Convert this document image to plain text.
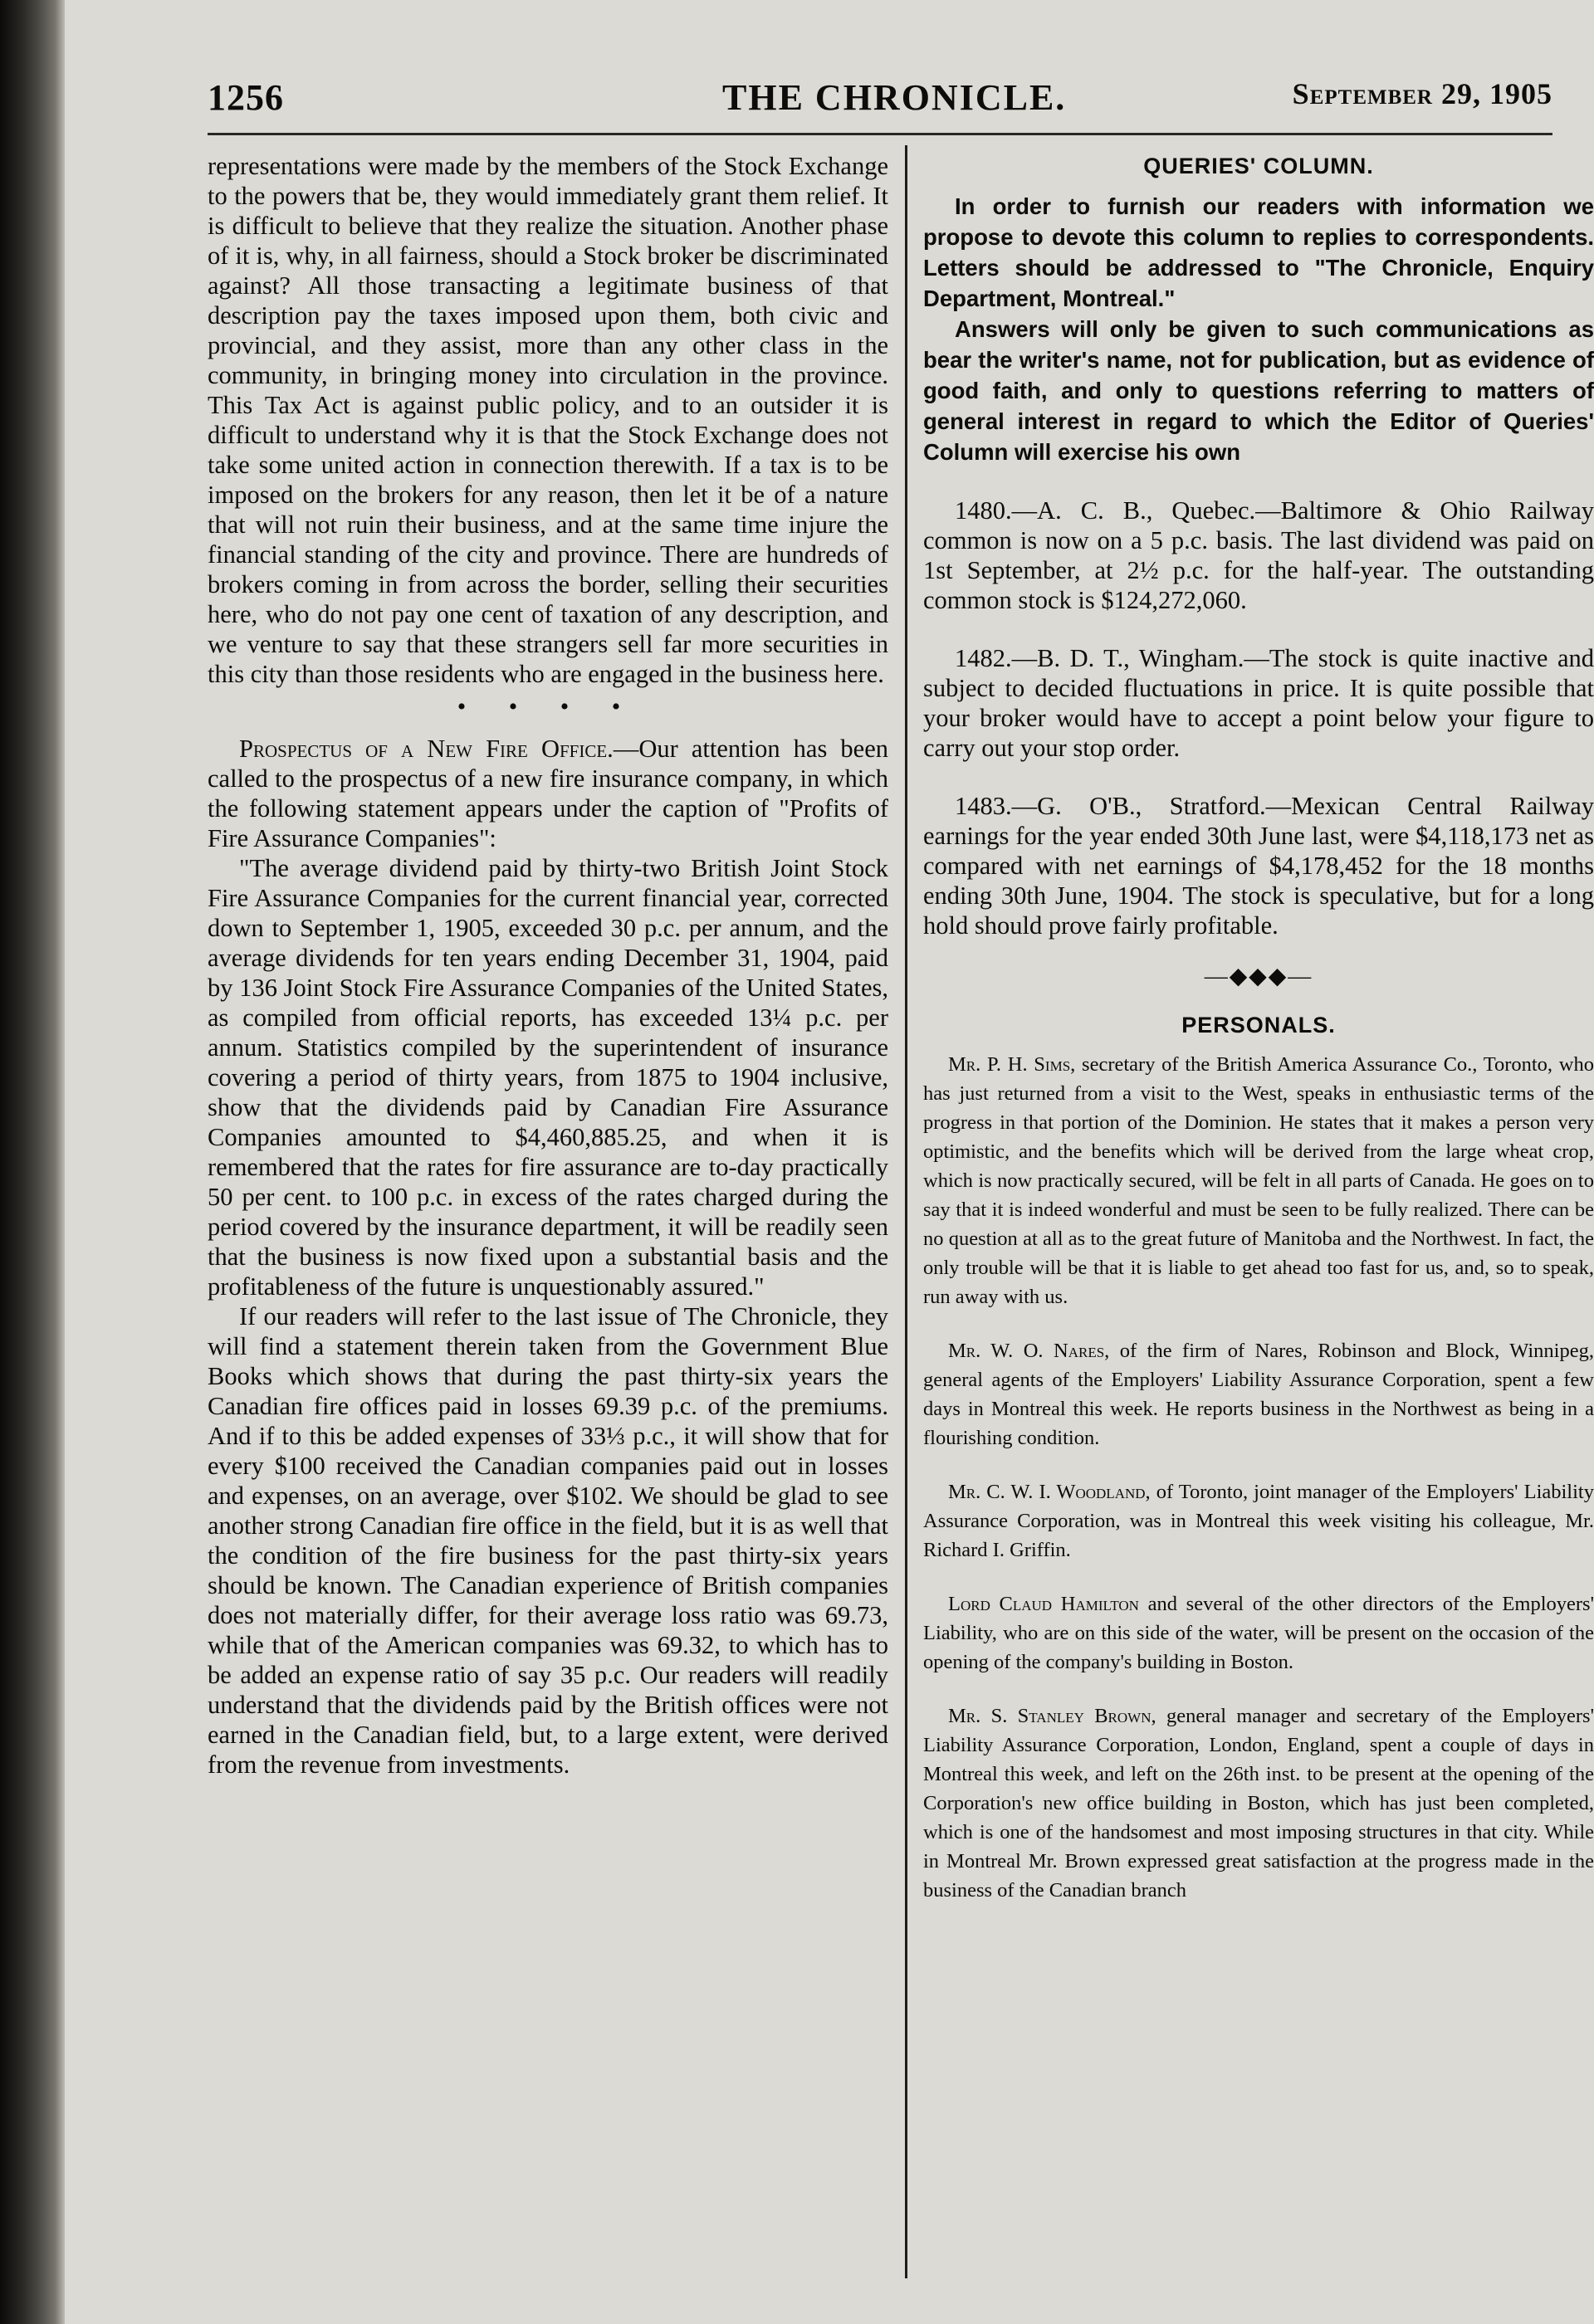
1256	THE CHRONICLE.	September 29, 1905

representations were made by the members of the Stock Exchange to the powers that be, they would immediately grant them relief. It is difficult to believe that they realize the situation. Another phase of it is, why, in all fairness, should a Stock broker be discriminated against? All those transacting a legitimate business of that description pay the taxes imposed upon them, both civic and provincial, and they assist, more than any other class in the community, in bringing money into circulation in the province. This Tax Act is against public policy, and to an outsider it is difficult to understand why it is that the Stock Exchange does not take some united action in connection therewith. If a tax is to be imposed on the brokers for any reason, then let it be of a nature that will not ruin their business, and at the same time injure the financial standing of the city and province. There are hundreds of brokers coming in from across the border, selling their securities here, who do not pay one cent of taxation of any description, and we venture to say that these strangers sell far more securities in this city than those residents who are engaged in the business here.

• • • •

Prospectus of a New Fire Office.—Our attention has been called to the prospectus of a new fire insurance company, in which the following statement appears under the caption of "Profits of Fire Assurance Companies":

"The average dividend paid by thirty-two British Joint Stock Fire Assurance Companies for the current financial year, corrected down to September 1, 1905, exceeded 30 p.c. per annum, and the average dividends for ten years ending December 31, 1904, paid by 136 Joint Stock Fire Assurance Companies of the United States, as compiled from official reports, has exceeded 13¼ p.c. per annum. Statistics compiled by the superintendent of insurance covering a period of thirty years, from 1875 to 1904 inclusive, show that the dividends paid by Canadian Fire Assurance Companies amounted to $4,460,885.25, and when it is remembered that the rates for fire assurance are to-day practically 50 per cent. to 100 p.c. in excess of the rates charged during the period covered by the insurance department, it will be readily seen that the business is now fixed upon a substantial basis and the profitableness of the future is unquestionably assured."

If our readers will refer to the last issue of The Chronicle, they will find a statement therein taken from the Government Blue Books which shows that during the past thirty-six years the Canadian fire offices paid in losses 69.39 p.c. of the premiums. And if to this be added expenses of 33⅓ p.c., it will show that for every $100 received the Canadian companies paid out in losses and expenses, on an average, over $102. We should be glad to see another strong Canadian fire office in the field, but it is as well that the condition of the fire business for the past thirty-six years should be known. The Canadian experience of British companies does not materially differ, for their average loss ratio was 69.73, while that of the American companies was 69.32, to which has to be added an expense ratio of say 35 p.c. Our readers will readily understand that the dividends paid by the British offices were not earned in the Canadian field, but, to a large extent, were derived from the revenue from investments.

QUERIES' COLUMN.

In order to furnish our readers with information we propose to devote this column to replies to correspondents. Letters should be addressed to "The Chronicle, Enquiry Department, Montreal."

Answers will only be given to such communications as bear the writer's name, not for publication, but as evidence of good faith, and only to questions referring to matters of general interest in regard to which the Editor of Queries' Column will exercise his own

1480.—A. C. B., Quebec.—Baltimore & Ohio Railway common is now on a 5 p.c. basis. The last dividend was paid on 1st September, at 2½ p.c. for the half-year. The outstanding common stock is $124,272,060.

1482.—B. D. T., Wingham.—The stock is quite inactive and subject to decided fluctuations in price. It is quite possible that your broker would have to accept a point below your figure to carry out your stop order.

1483.—G. O'B., Stratford.—Mexican Central Railway earnings for the year ended 30th June last, were $4,118,173 net as compared with net earnings of $4,178,452 for the 18 months ending 30th June, 1904. The stock is speculative, but for a long hold should prove fairly profitable.

—◆◆◆—

PERSONALS.

Mr. P. H. Sims, secretary of the British America Assurance Co., Toronto, who has just returned from a visit to the West, speaks in enthusiastic terms of the progress in that portion of the Dominion. He states that it makes a person very optimistic, and the benefits which will be derived from the large wheat crop, which is now practically secured, will be felt in all parts of Canada. He goes on to say that it is indeed wonderful and must be seen to be fully realized. There can be no question at all as to the great future of Manitoba and the Northwest. In fact, the only trouble will be that it is liable to get ahead too fast for us, and, so to speak, run away with us.

Mr. W. O. Nares, of the firm of Nares, Robinson and Block, Winnipeg, general agents of the Employers' Liability Assurance Corporation, spent a few days in Montreal this week. He reports business in the Northwest as being in a flourishing condition.

Mr. C. W. I. Woodland, of Toronto, joint manager of the Employers' Liability Assurance Corporation, was in Montreal this week visiting his colleague, Mr. Richard I. Griffin.

Lord Claud Hamilton and several of the other directors of the Employers' Liability, who are on this side of the water, will be present on the occasion of the opening of the company's building in Boston.

Mr. S. Stanley Brown, general manager and secretary of the Employers' Liability Assurance Corporation, London, England, spent a couple of days in Montreal this week, and left on the 26th inst. to be present at the opening of the Corporation's new office building in Boston, which has just been completed, which is one of the handsomest and most imposing structures in that city. While in Montreal Mr. Brown expressed great satisfaction at the progress made in the business of the Canadian branch
